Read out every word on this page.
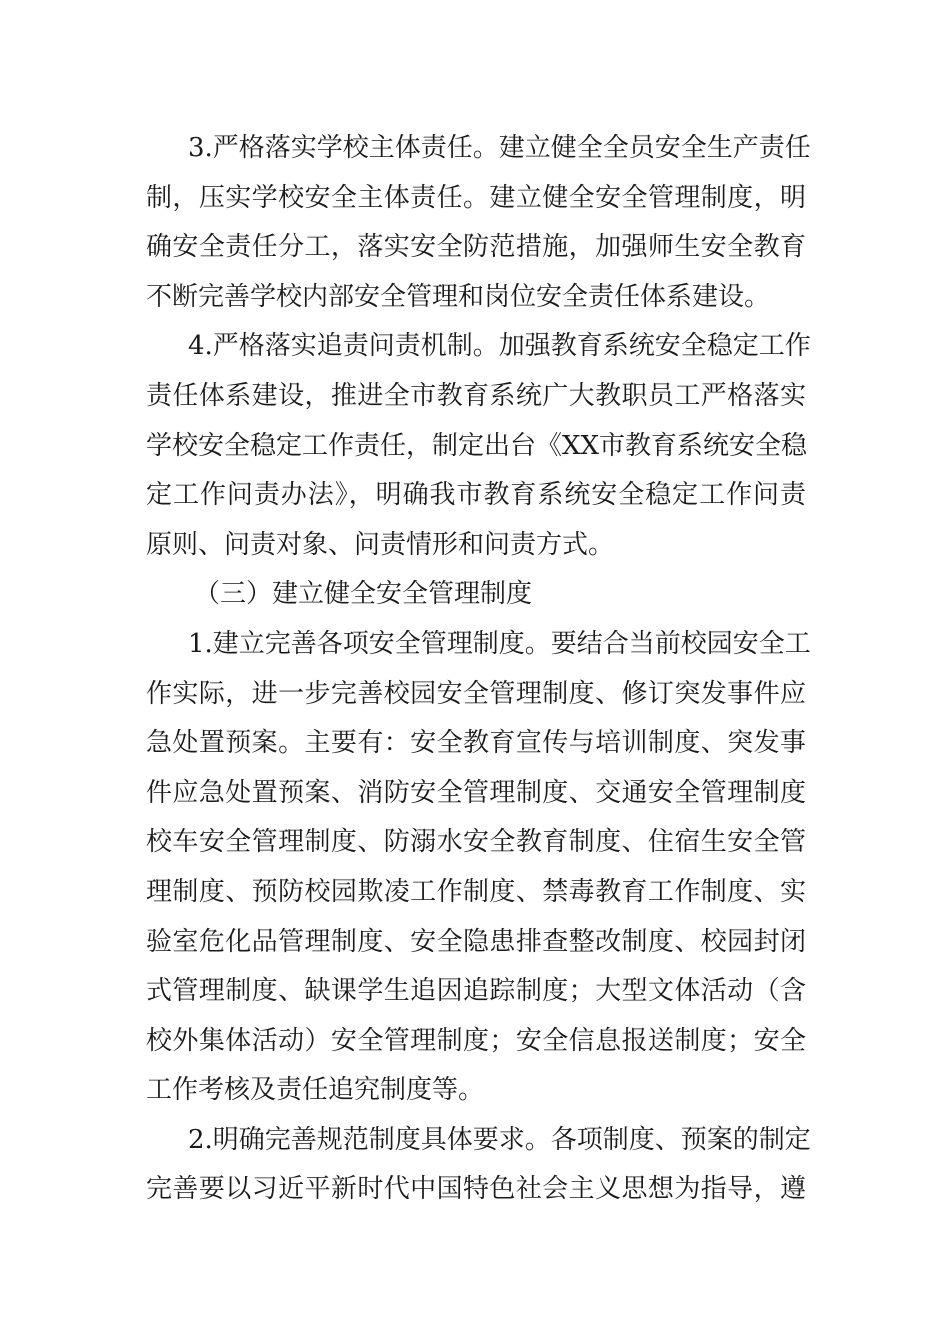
3.严格落实学校主体责任。建立健全全员安全生产责任
制，压实学校安全主体责任。建立健全安全管理制度，明
确安全责任分工，落实安全防范措施，加强师生安全教育
不断完善学校内部安全管理和岗位安全责任体系建设。
4.严格落实追责问责机制。加强教育系统安全稳定工作
责任体系建设，推进全市教育系统广大教职员工严格落实
学校安全稳定工作责任，制定出台《XX市教育系统安全稳
定工作问责办法》，明确我市教育系统安全稳定工作问责
原则、问责对象、问责情形和问责方式。
（三）建立健全安全管理制度
1.建立完善各项安全管理制度。要结合当前校园安全工
作实际，进一步完善校园安全管理制度、修订突发事件应
急处置预案。主要有：安全教育宣传与培训制度、突发事
件应急处置预案、消防安全管理制度、交通安全管理制度
校车安全管理制度、防溺水安全教育制度、住宿生安全管
理制度、预防校园欺凌工作制度、禁毒教育工作制度、实
验室危化品管理制度、安全隐患排查整改制度、校园封闭
式管理制度、缺课学生追因追踪制度；大型文体活动（含
校外集体活动）安全管理制度；安全信息报送制度；安全
工作考核及责任追究制度等。
2.明确完善规范制度具体要求。各项制度、预案的制定
完善要以习近平新时代中国特色社会主义思想为指导，遵
